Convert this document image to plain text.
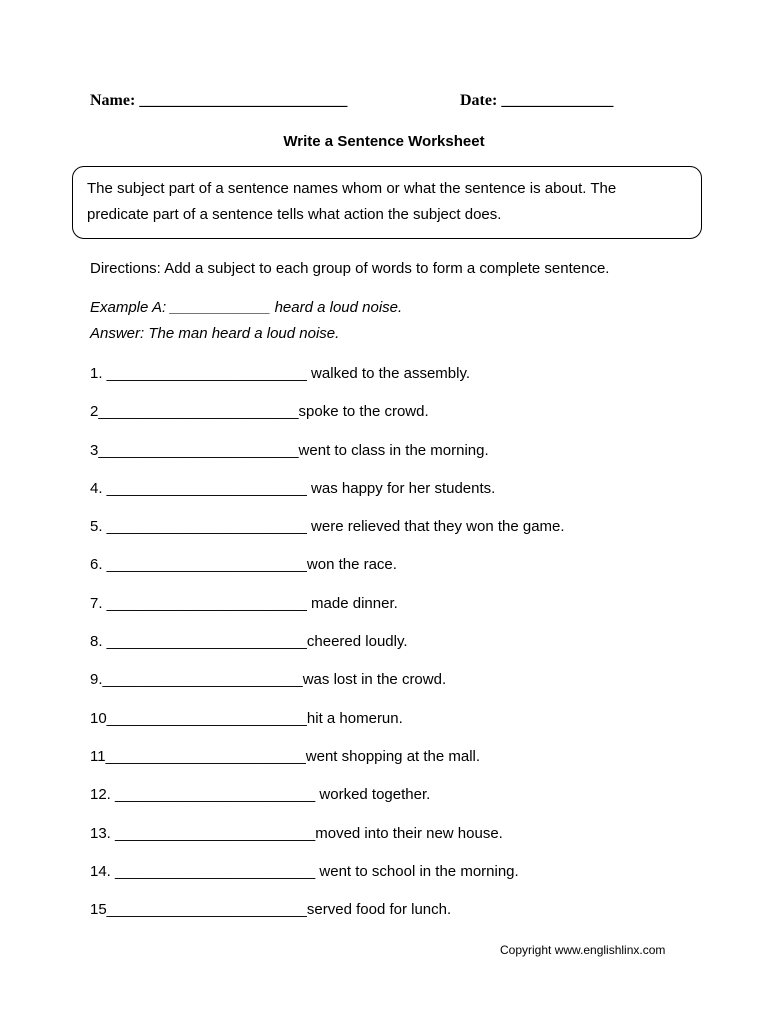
Name: __________________________	Date: ______________
Write a Sentence Worksheet
The subject part of a sentence names whom or what the sentence is about. The
predicate part of a sentence tells what action the subject does.
Directions: Add a subject to each group of words to form a complete sentence.
Example A: ____________ heard a loud noise.
Answer: The man heard a loud noise.
1. ________________________ walked to the assembly.
2________________________spoke to the crowd.
3________________________went to class in the morning.
4. ________________________ was happy for her students.
5. ________________________ were relieved that they won the game.
6. ________________________won the race.
7. ________________________ made dinner.
8. ________________________cheered loudly.
9.________________________was lost in the crowd.
10________________________hit a homerun.
11________________________went shopping at the mall.
12. ________________________ worked together.
13. ________________________moved into their new house.
14. ________________________ went to school in the morning.
15________________________served food for lunch.
Copyright www.englishlinx.com
